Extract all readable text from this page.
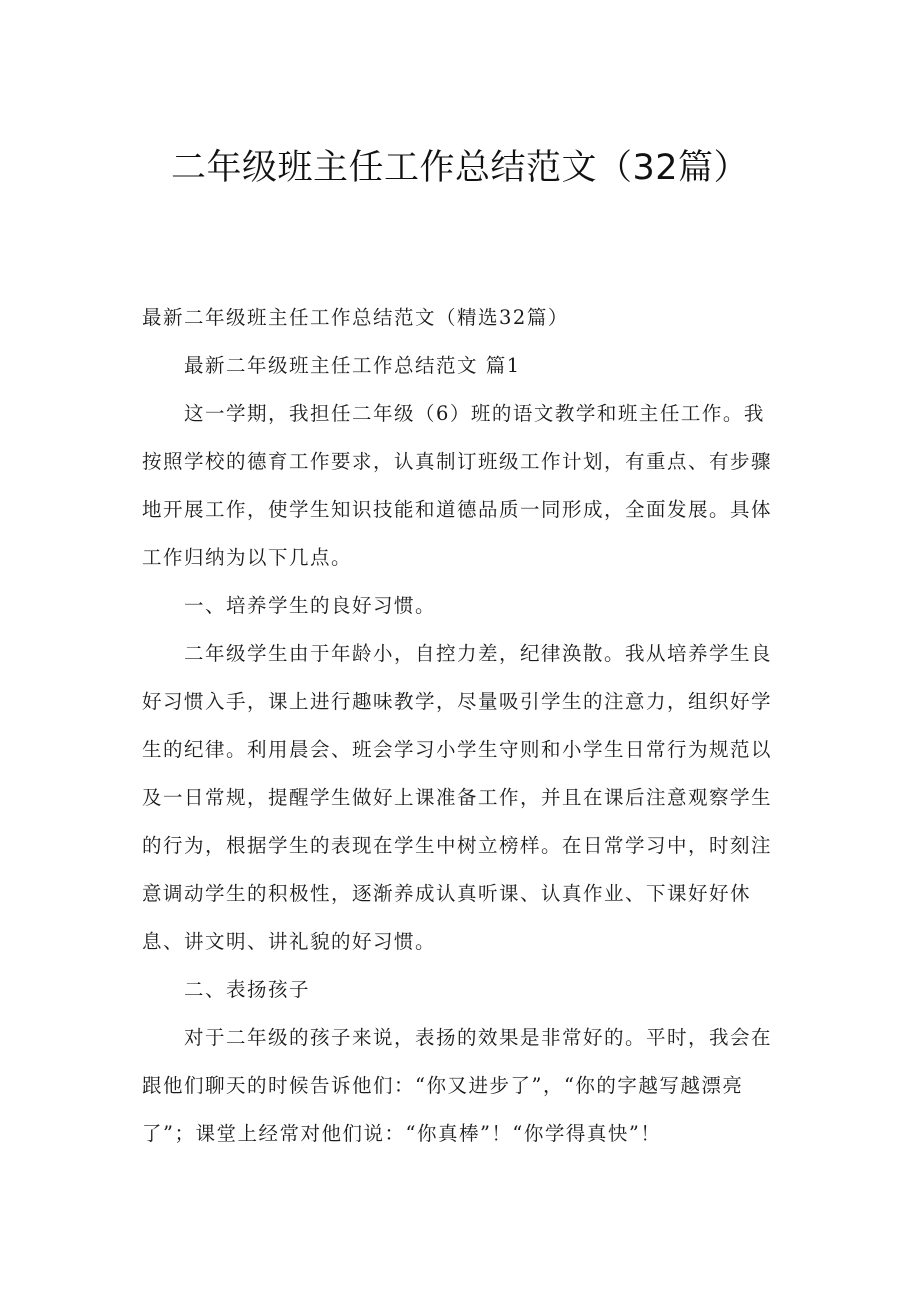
二年级班主任工作总结范文（32篇）

最新二年级班主任工作总结范文（精选32篇）

最新二年级班主任工作总结范文 篇1

这一学期，我担任二年级（6）班的语文教学和班主任工作。我按照学校的德育工作要求，认真制订班级工作计划，有重点、有步骤地开展工作，使学生知识技能和道德品质一同形成，全面发展。具体工作归纳为以下几点。

一、培养学生的良好习惯。

二年级学生由于年龄小，自控力差，纪律涣散。我从培养学生良好习惯入手，课上进行趣味教学，尽量吸引学生的注意力，组织好学生的纪律。利用晨会、班会学习小学生守则和小学生日常行为规范以及一日常规，提醒学生做好上课准备工作，并且在课后注意观察学生的行为，根据学生的表现在学生中树立榜样。在日常学习中，时刻注意调动学生的积极性，逐渐养成认真听课、认真作业、下课好好休息、讲文明、讲礼貌的好习惯。

二、表扬孩子

对于二年级的孩子来说，表扬的效果是非常好的。平时，我会在跟他们聊天的时候告诉他们：“你又进步了”，“你的字越写越漂亮了”；课堂上经常对他们说：“你真棒”！“你学得真快”！
